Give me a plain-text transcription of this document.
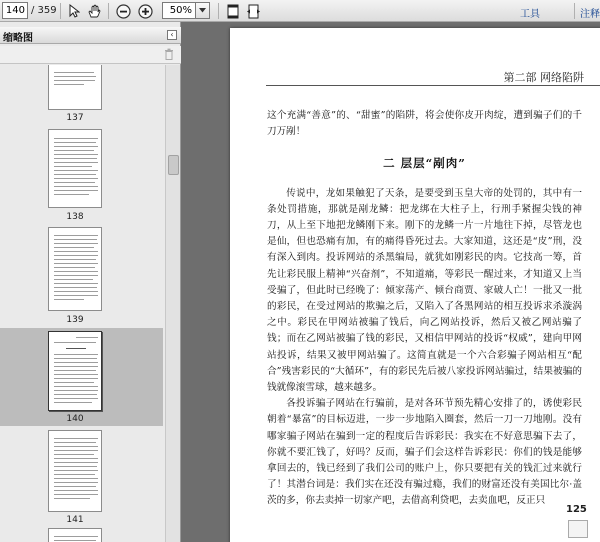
140
/ 359
50%	工具	注释
缩略图	‹
137
138
139
140
141
第二部 网络陷阱

这个充满“善意”的、“甜蜜”的陷阱，将会使你皮开肉绽，遭到骗子们的千刀万剐！

二 层层“剐肉”

传说中，龙如果触犯了天条，是要受到玉皇大帝的处罚的，其中有一条处罚措施，那就是剐龙鳞：把龙绑在大柱子上，行刑手紧握尖钱的神刀，从上至下地把龙鳞刚下来。刚下的龙鳞一片一片地往下掉，尽管龙也是仙，但也恐痛有加，有的痛得昏死过去。大家知道，这还是“皮”刑，没有深入到肉。投诉网站的杀黑编局，就犹如刚彩民的肉。它技高一筹，首先让彩民服上精神“兴奋剂”，不知道痛，等彩民一醒过来，才知道又上当受骗了，但此时已经晚了：倾家荡产、倾台商贾、家破人亡！一批又一批的彩民，在受过网站的欺骗之后，又陷入了各黑网站的相互投诉求杀漩涡之中。彩民在甲网站被骗了钱后，向乙网站投诉，然后又被乙网站骗了钱；而在乙网站被骗了钱的彩民，又相信甲网站的投诉“权威”，建向甲网站投诉，结果又被甲网站骗了。这简直就是一个六合彩骗子网站相互“配合”残害彩民的“大循环”，有的彩民先后被八家投诉网站骗过，结果被骗的钱就像滚雪球，越来越多。

各投诉骗子网站在行骗前，是对各环节预先精心安排了的，诱使彩民朝着“暴富”的目标迈进，一步一步地陷入圈套，然后一刀一刀地刚。没有哪家骗子网站在骗到一定的程度后告诉彩民：我实在不好意思骗下去了，你就不要汇钱了，好吗？反而，骗子们会这样告诉彩民：你们的钱是能够拿回去的，钱已经到了我们公司的账户上，你只要把有关的钱汇过来就行了！其潜台词是：我们实在还没有骗过瘾，我们的财富还没有美国比尔·盖茨的多，你去卖掉一切家产吧，去借高利贷吧，去卖血吧，反正只

125
